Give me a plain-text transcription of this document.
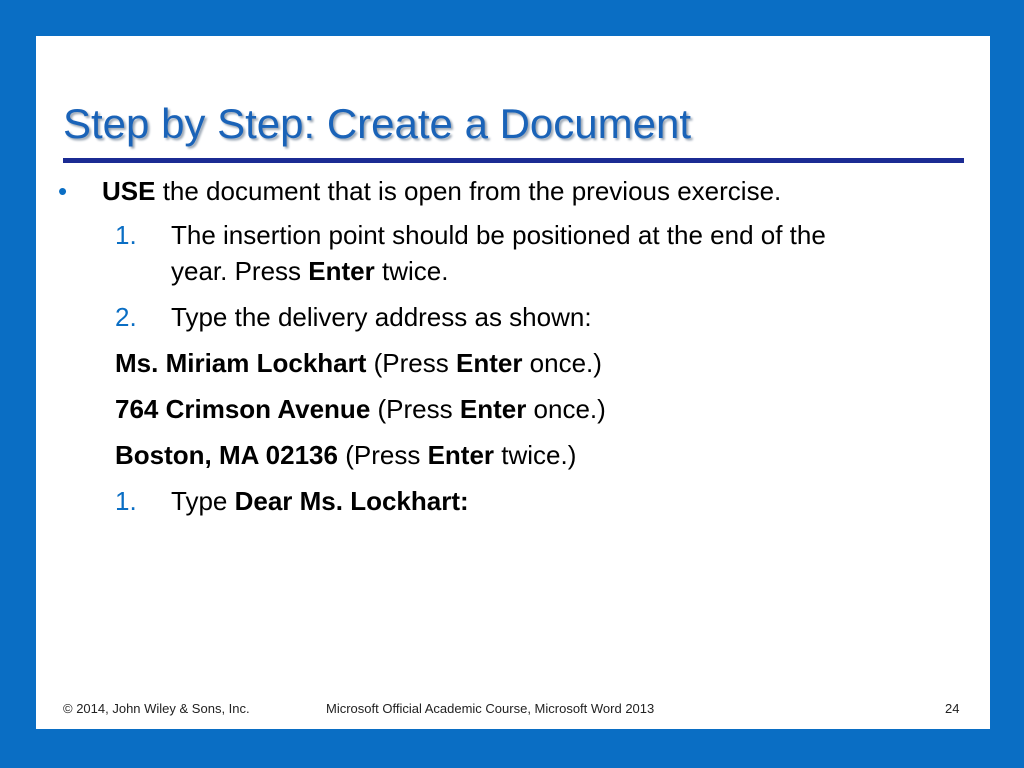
Step by Step: Create a Document
• USE the document that is open from the previous exercise.
1. The insertion point should be positioned at the end of the
year. Press Enter twice.
2. Type the delivery address as shown:
Ms. Miriam Lockhart (Press Enter once.)
764 Crimson Avenue (Press Enter once.)
Boston, MA 02136 (Press Enter twice.)
1. Type Dear Ms. Lockhart:
© 2014, John Wiley & Sons, Inc.	Microsoft Official Academic Course, Microsoft Word 2013	24
